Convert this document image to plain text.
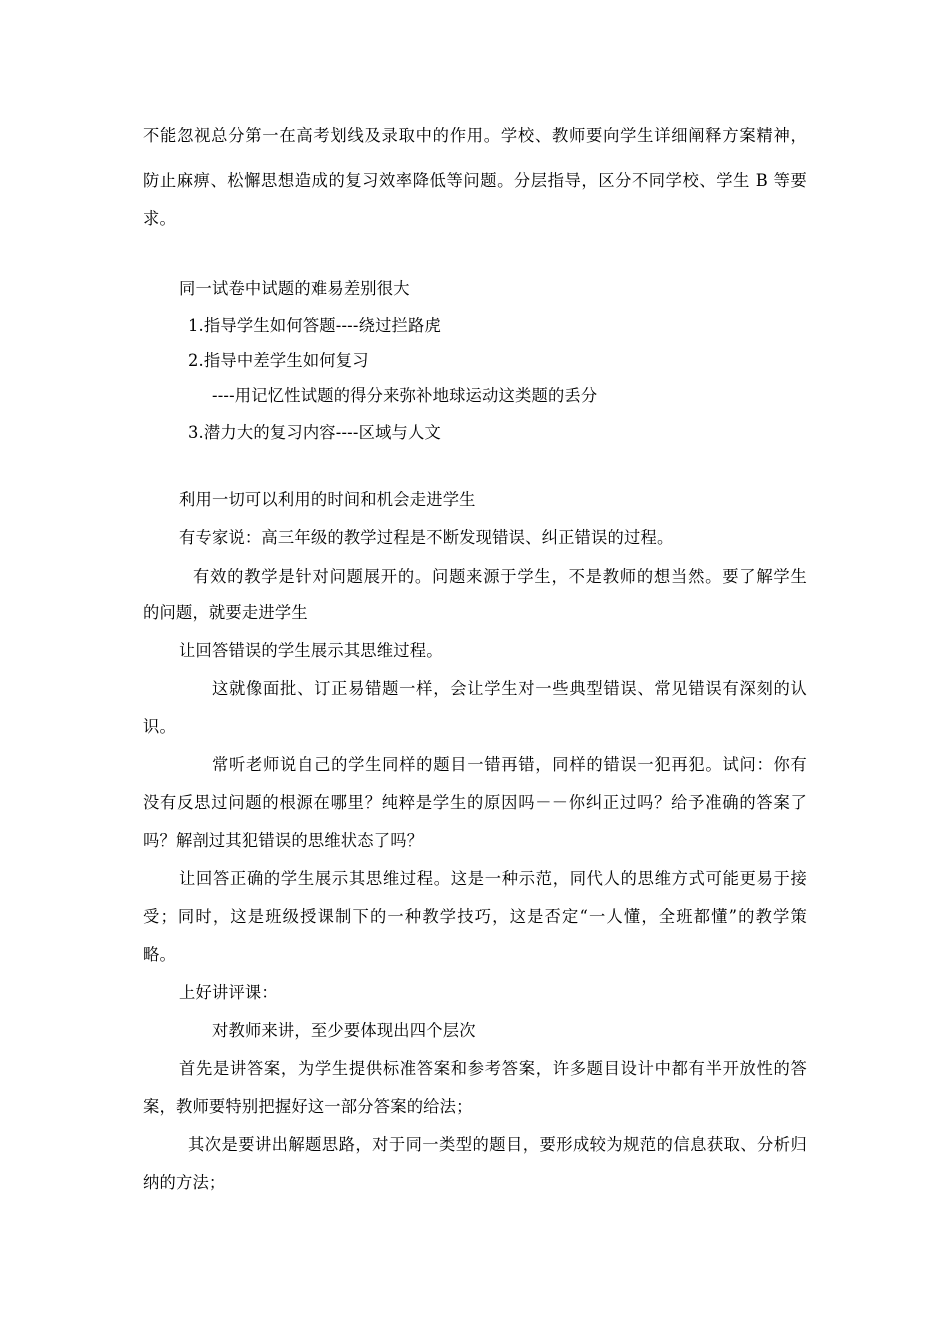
不能忽视总分第一在高考划线及录取中的作用。学校、教师要向学生详细阐释方案精神，
防止麻痹、松懈思想造成的复习效率降低等问题。分层指导，区分不同学校、学生 B 等要
求。
同一试卷中试题的难易差别很大
1.指导学生如何答题----绕过拦路虎
2.指导中差学生如何复习
----用记忆性试题的得分来弥补地球运动这类题的丢分
3.潜力大的复习内容----区域与人文
利用一切可以利用的时间和机会走进学生
有专家说：高三年级的教学过程是不断发现错误、纠正错误的过程。
有效的教学是针对问题展开的。问题来源于学生，不是教师的想当然。要了解学生
的问题，就要走进学生
让回答错误的学生展示其思维过程。
这就像面批、订正易错题一样，会让学生对一些典型错误、常见错误有深刻的认
识。
常听老师说自己的学生同样的题目一错再错，同样的错误一犯再犯。试问：你有
没有反思过问题的根源在哪里？纯粹是学生的原因吗－－你纠正过吗？给予准确的答案了
吗？解剖过其犯错误的思维状态了吗？
让回答正确的学生展示其思维过程。这是一种示范，同代人的思维方式可能更易于接
受；同时，这是班级授课制下的一种教学技巧，这是否定“一人懂，全班都懂”的教学策
略。
上好讲评课：
对教师来讲，至少要体现出四个层次
首先是讲答案，为学生提供标准答案和参考答案，许多题目设计中都有半开放性的答
案，教师要特别把握好这一部分答案的给法；
其次是要讲出解题思路，对于同一类型的题目，要形成较为规范的信息获取、分析归
纳的方法；
